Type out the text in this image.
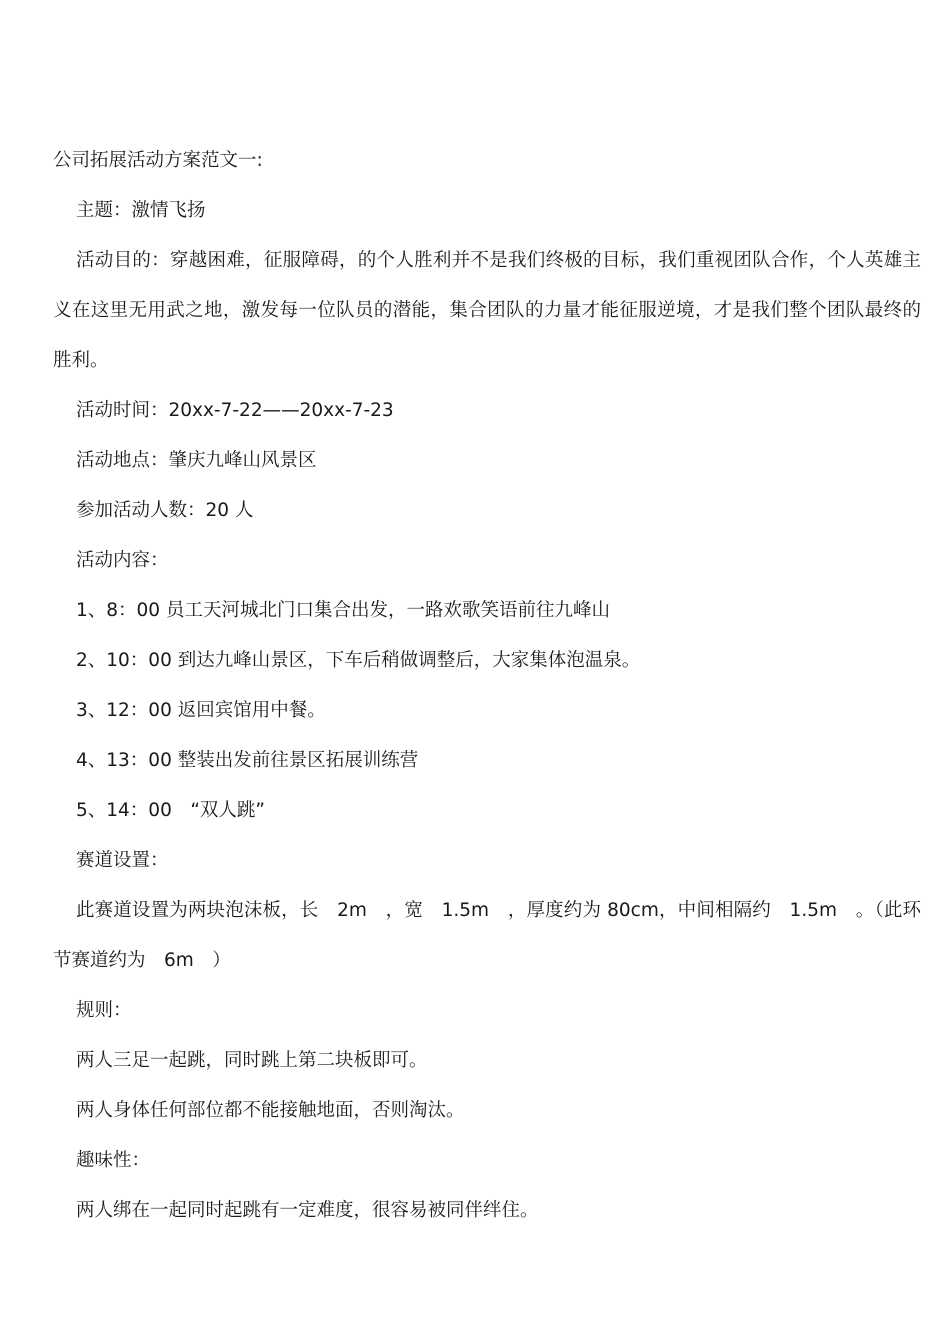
公司拓展活动方案范文一:

主题：激情飞扬

活动目的：穿越困难，征服障碍，的个人胜利并不是我们终极的目标，我们重视团队合作，个人英雄主义在这里无用武之地，激发每一位队员的潜能，集合团队的力量才能征服逆境，才是我们整个团队最终的胜利。

活动时间：20xx-7-22——20xx-7-23

活动地点：肇庆九峰山风景区

参加活动人数：20 人

活动内容：

1、8：00 员工天河城北门口集合出发，一路欢歌笑语前往九峰山

2、10：00 到达九峰山景区，下车后稍做调整后，大家集体泡温泉。

3、12：00 返回宾馆用中餐。

4、13：00 整装出发前往景区拓展训练营

5、14：00　“双人跳”

赛道设置：

此赛道设置为两块泡沫板，长　2m　，宽　1.5m　，厚度约为 80cm，中间相隔约　1.5m　。（此环节赛道约为　6m　）

规则：

两人三足一起跳，同时跳上第二块板即可。

两人身体任何部位都不能接触地面，否则淘汰。

趣味性：

两人绑在一起同时起跳有一定难度，很容易被同伴绊住。
